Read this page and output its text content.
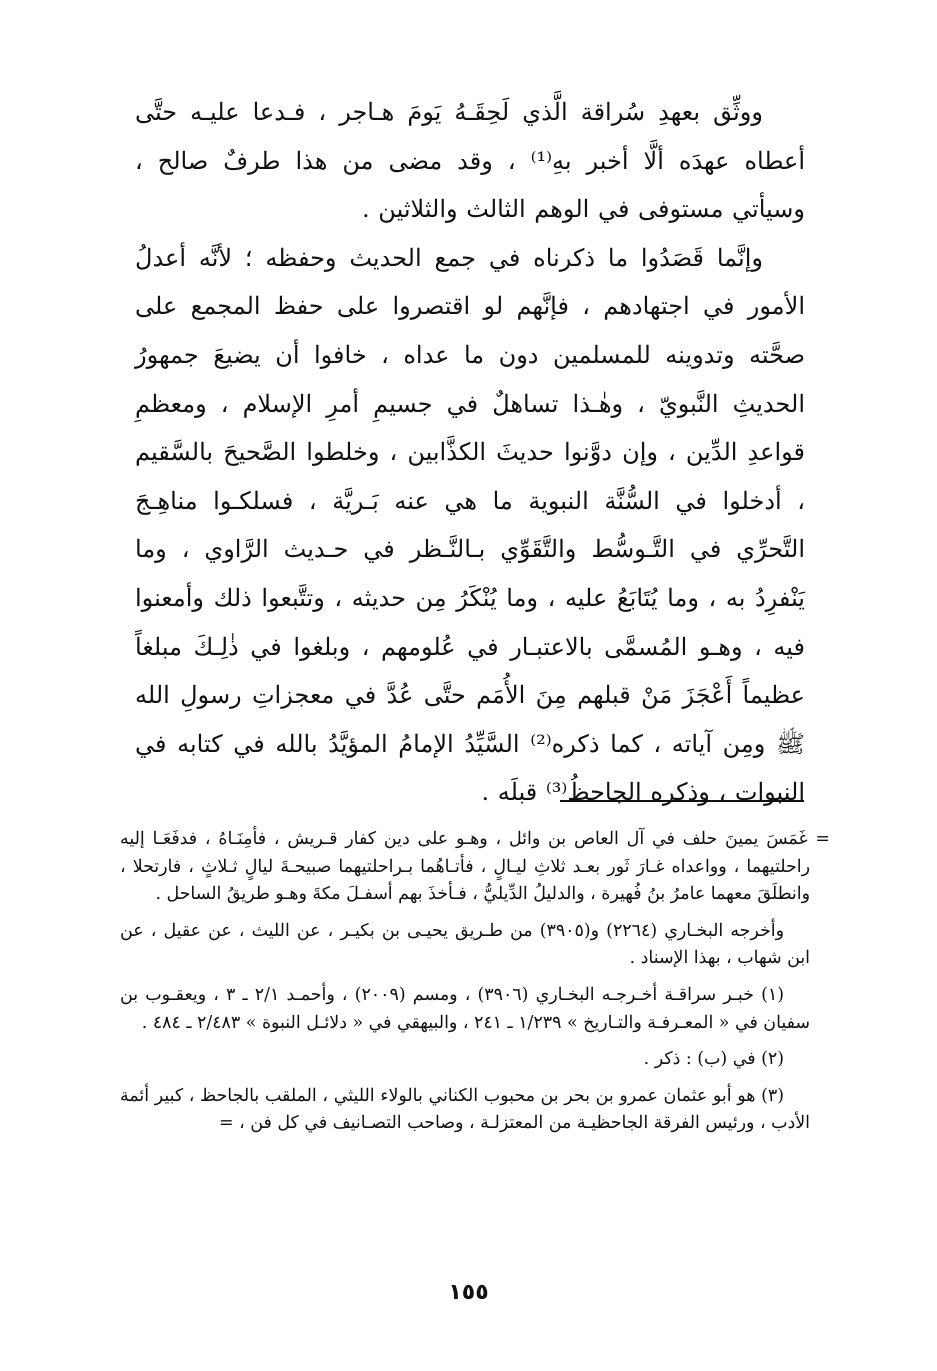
ووثِّق بعهدِ سُراقة الَّذي لَحِقَـهُ يَومَ هـاجر ، فـدعا عليـه حتَّى أعطاه عهدَه ألَّا أخبر بهِ⁽¹⁾ ، وقد مضى من هذا طرفٌ صالح ، وسيأتي مستوفى في الوهم الثالث والثلاثين .

وإنَّما قَصَدُوا ما ذكرناه في جمع الحديث وحفظه ؛ لأنَّه أعدلُ الأمور في اجتهادهم ، فإنَّهم لو اقتصروا على حفظ المجمع على صحَّته وتدوينه للمسلمين دون ما عداه ، خافوا أن يضيعَ جمهورُ الحديثِ النَّبويّ ، وهٰـذا تساهلٌ في جسيمِ أمرِ الإسلام ، ومعظمِ قواعدِ الدِّين ، وإن دوَّنوا حديثَ الكذَّابين ، وخلطوا الصَّحيحَ بالسَّقيم ، أدخلوا في السُّنَّة النبوية ما هي عنه بَـريَّة ، فسلكـوا مناهِـجَ التَّحرِّي في التَّـوسُّط والتَّقَوِّي بـالنَّـظر في حـديث الرَّاوي ، وما يَنْفرِدُ به ، وما يُتَابَعُ عليه ، وما يُنْكَرُ مِن حديثه ، وتتَّبعوا ذلك وأمعنوا فيه ، وهـو المُسمَّى بالاعتبـار في عُلومهم ، وبلغوا في ذٰلِـكَ مبلغاً عظيماً أَعْجَزَ مَنْ قبلهم مِنَ الأُمَم حتَّى عُدَّ في معجزاتِ رسولِ الله ﷺ ومِن آياته ، كما ذكره⁽²⁾ السَّيِّدُ الإمامُ المؤيَّدُ بالله في كتابه في النبوات ، وذكره الجاحظُ⁽³⁾ قبلَه .

= غَمَسَ يمينَ حلف في آل العاص بن وائل ، وهـو على دين كفار قـريش ، فأمِنَـاهُ ، فدفَعَـا إليه راحلتيهما ، وواعداه غـارَ ثَور بعـد ثلاثِ ليـالٍ ، فأتـاهُما بـراحلتيهما صبيحـةَ ليالٍ ثـلاثٍ ، فارتحلا ، وانطلَقَ معهما عامرُ بنُ فُهيرة ، والدليلُ الدِّيليُّ ، فـأخذَ بهم أسفـلَ مكةَ وهـو طريقُ الساحل .

وأخرجه البخـاري (٢٢٦٤) و(٣٩٠٥) من طـريق يحيـى بن بكيـر ، عن الليث ، عن عقيل ، عن ابن شهاب ، بهذا الإسناد .

(١) خبـر سراقـة أخـرجـه البخـاري (٣٩٠٦) ، ومسم (٢٠٠٩) ، وأحمـد ٢/١ ـ ٣ ، ويعقـوب بن سفيان في « المعـرفـة والتـاريخ » ١/٢٣٩ ـ ٢٤١ ، والبيهقي في « دلائـل النبوة » ٢/٤٨٣ ـ ٤٨٤ .

(٢) في (ب) : ذكر .

(٣) هو أبو عثمان عمرو بن بحر بن محبوب الكناني بالولاء الليثي ، الملقب بالجاحظ ، كبير أئمة الأدب ، ورئيس الفرقة الجاحظيـة من المعتزلـة ، وصاحب التصـانيف في كل فن ، =

١٥٥
